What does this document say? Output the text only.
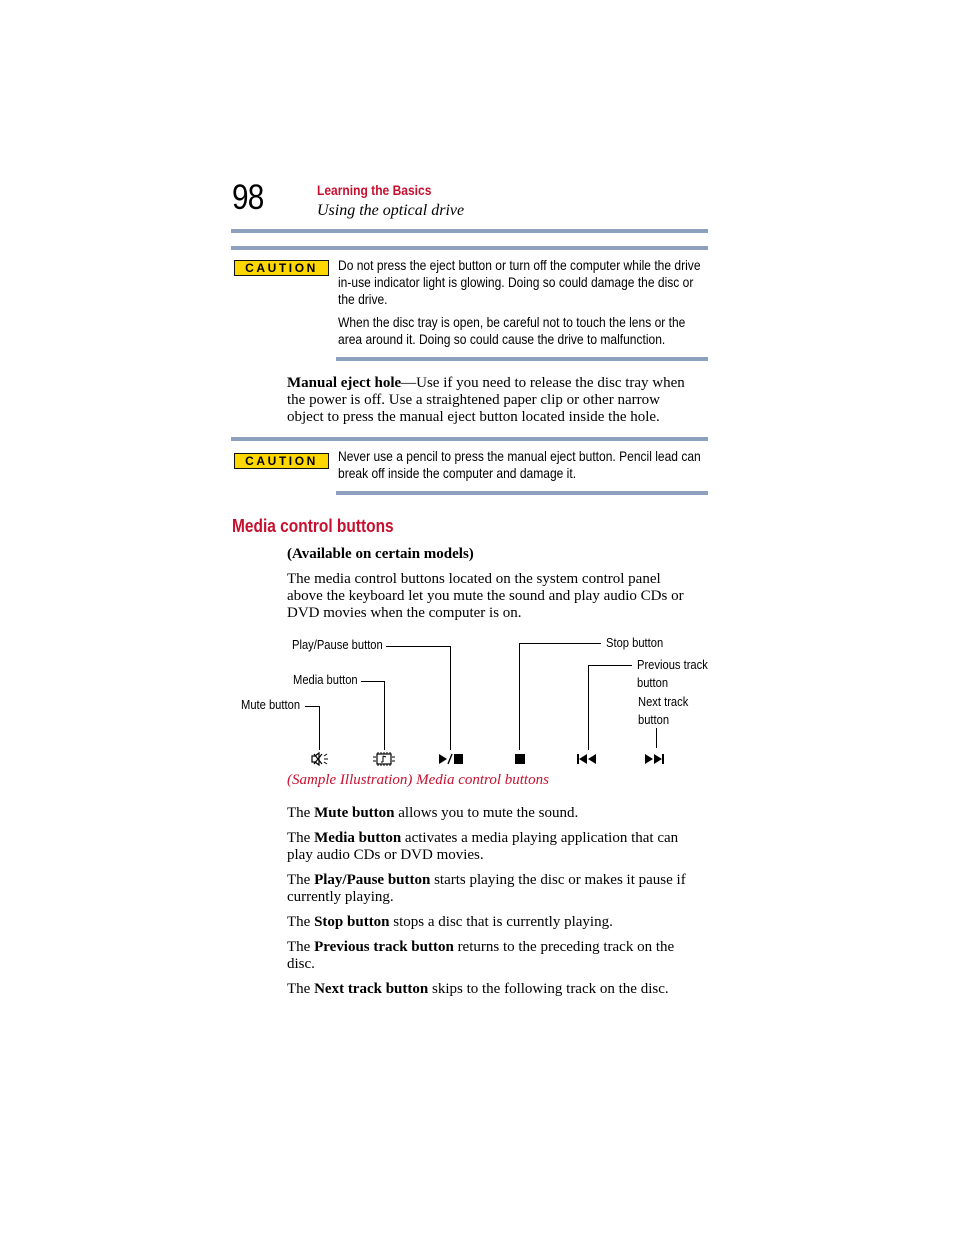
98	Learning the Basics
Using the optical drive
CAUTION	Do not press the eject button or turn off the computer while the drive
in-use indicator light is glowing. Doing so could damage the disc or
the drive.
When the disc tray is open, be careful not to touch the lens or the
area around it. Doing so could cause the drive to malfunction.
Manual eject hole—Use if you need to release the disc tray when
the power is off. Use a straightened paper clip or other narrow
object to press the manual eject button located inside the hole.
CAUTION	Never use a pencil to press the manual eject button. Pencil lead can
break off inside the computer and damage it.
Media control buttons
(Available on certain models)
The media control buttons located on the system control panel
above the keyboard let you mute the sound and play audio CDs or
DVD movies when the computer is on.
Play/Pause button
Media button
Mute button
Stop button
Previous track
button
Next track
button
(Sample Illustration) Media control buttons
The Mute button allows you to mute the sound.
The Media button activates a media playing application that can
play audio CDs or DVD movies.
The Play/Pause button starts playing the disc or makes it pause if
currently playing.
The Stop button stops a disc that is currently playing.
The Previous track button returns to the preceding track on the
disc.
The Next track button skips to the following track on the disc.
